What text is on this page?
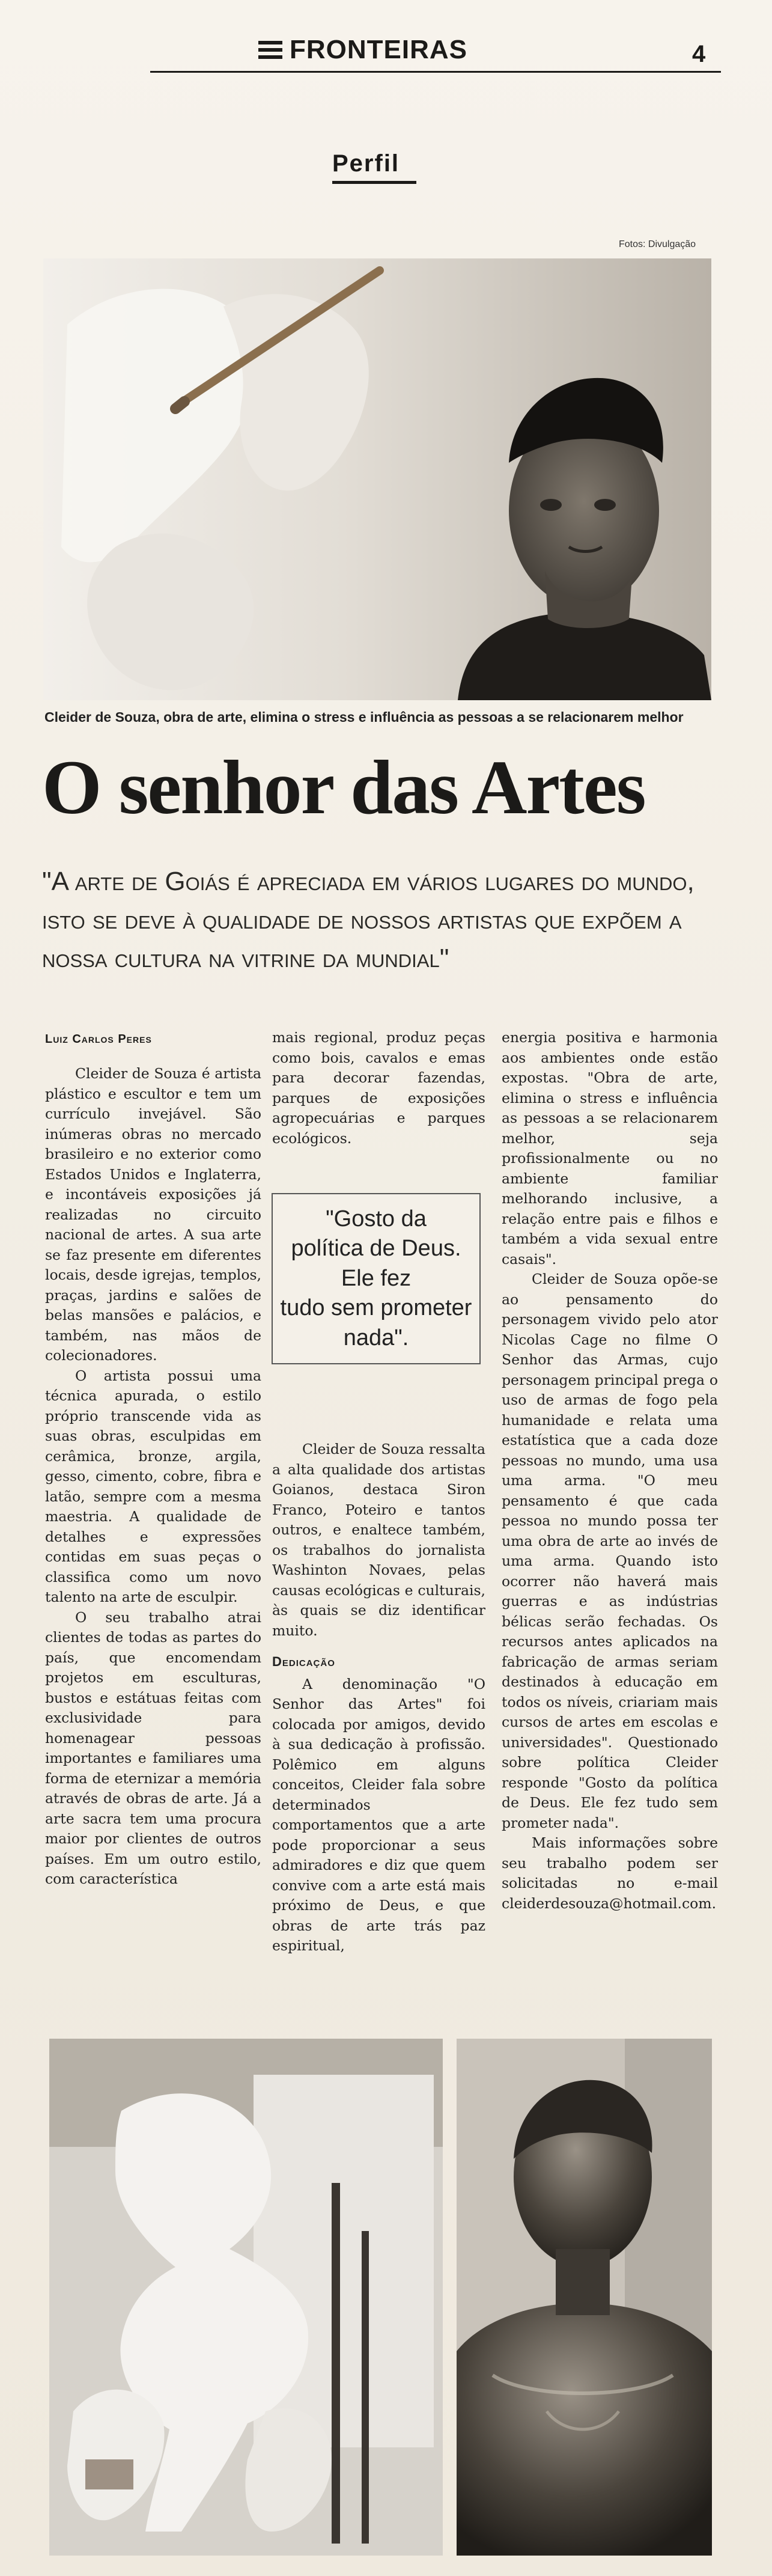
FRONTEIRAS	4
Perfil
Fotos: Divulgação
Cleider de Souza, obra de arte, elimina o stress e influência as pessoas a se relacionarem melhor
O senhor das Artes
"A arte de Goiás é apreciada em vários lugares do mundo, isto se deve à qualidade de nossos artistas que expõem a nossa cultura na vitrine da mundial"
Luiz Carlos Peres

Cleider de Souza é artista plástico e escultor e tem um currículo invejável. São inúmeras obras no mercado brasileiro e no exterior como Estados Unidos e Inglaterra, e incontáveis exposições já realizadas no circuito nacional de artes. A sua arte se faz presente em diferentes locais, desde igrejas, templos, praças, jardins e salões de belas mansões e palácios, e também, nas mãos de colecionadores.

O artista possui uma técnica apurada, o estilo próprio transcende vida as suas obras, esculpidas em cerâmica, bronze, argila, gesso, cimento, cobre, fibra e latão, sempre com a mesma maestria. A qualidade de detalhes e expressões contidas em suas peças o classifica como um novo talento na arte de esculpir.

O seu trabalho atrai clientes de todas as partes do país, que encomendam projetos em esculturas, bustos e estátuas feitas com exclusividade para homenagear pessoas importantes e familiares uma forma de eternizar a memória através de obras de arte. Já a arte sacra tem uma procura maior por clientes de outros países. Em um outro estilo, com característica

mais regional, produz peças como bois, cavalos e emas para decorar fazendas, parques de exposições agropecuárias e parques ecológicos.

"Gosto da
política de Deus.
Ele fez
tudo sem prometer
nada".

Cleider de Souza ressalta a alta qualidade dos artistas Goianos, destaca Siron Franco, Poteiro e tantos outros, e enaltece também, os trabalhos do jornalista Washinton Novaes, pelas causas ecológicas e culturais, às quais se diz identificar muito.

Dedicação

A denominação "O Senhor das Artes" foi colocada por amigos, devido à sua dedicação à profissão. Polêmico em alguns conceitos, Cleider fala sobre determinados comportamentos que a arte pode proporcionar a seus admiradores e diz que quem convive com a arte está mais próximo de Deus, e que obras de arte trás paz espiritual,

energia positiva e harmonia aos ambientes onde estão expostas. "Obra de arte, elimina o stress e influência as pessoas a se relacionarem melhor, seja profissionalmente ou no ambiente familiar melhorando inclusive, a relação entre pais e filhos e também a vida sexual entre casais".

Cleider de Souza opõe-se ao pensamento do personagem vivido pelo ator Nicolas Cage no filme O Senhor das Armas, cujo personagem principal prega o uso de armas de fogo pela humanidade e relata uma estatística que a cada doze pessoas no mundo, uma usa uma arma. "O meu pensamento é que cada pessoa no mundo possa ter uma obra de arte ao invés de uma arma. Quando isto ocorrer não haverá mais guerras e as indústrias bélicas serão fechadas. Os recursos antes aplicados na fabricação de armas seriam destinados à educação em todos os níveis, criariam mais cursos de artes em escolas e universidades". Questionado sobre política Cleider responde "Gosto da política de Deus. Ele fez tudo sem prometer nada".

Mais informações sobre seu trabalho podem ser solicitadas no e-mail cleiderdesouza@hotmail.com.
